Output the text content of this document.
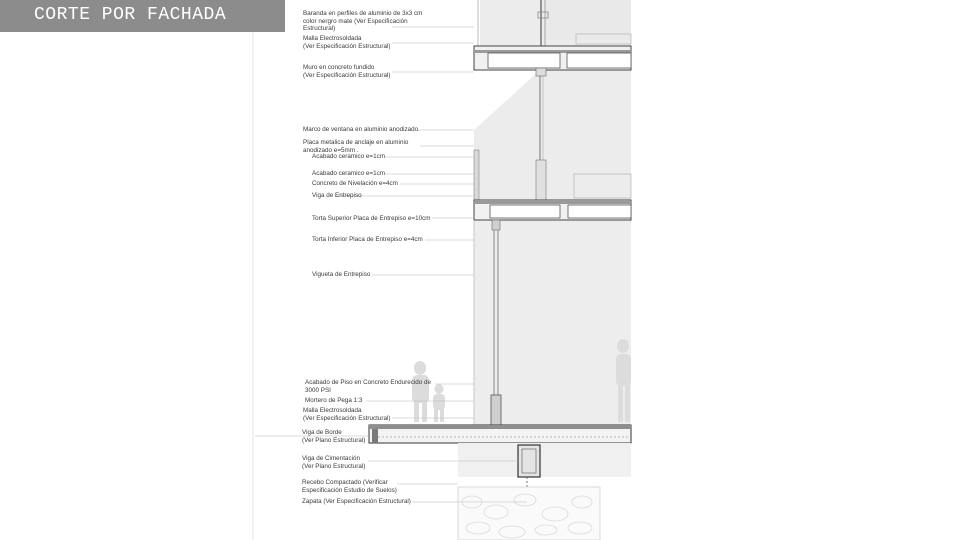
CORTE POR FACHADA	Baranda en perfiles de aluminio de 3x3 cm
color nergro mate (Ver Especificación
Estructural)
Malla Electrosoldada
(Ver Especificación Estructural)
Muro en concreto fundido
(Ver Especificación Estructural)
Marco de ventana en aluminio anodizado.
Placa metalica de anclaje en aluminio
anodizado e=5mm .
Acabado ceramico e=1cm
Acabado ceramico e=1cm
Concreto de Nivelación e=4cm
Viga de Entrepiso
Torta Superior Placa de Entrepiso e=10cm
Torta Inferior Placa de Entrepiso e=4cm
Vigueta de Entrepiso
Acabado de Piso en Concreto Endurecido de
3000 PSI
Mortero de Pega 1:3
Malla Electrosoldada
(Ver Especificación Estructural)
Viga de Borde
(Ver Plano Estructural)
Viga de Cimentación
(Ver Plano Estructural)
Recebo Compactado (Verificar
Especificación Estudio de Suelos)
Zapata (Ver Especificación Estructural)
